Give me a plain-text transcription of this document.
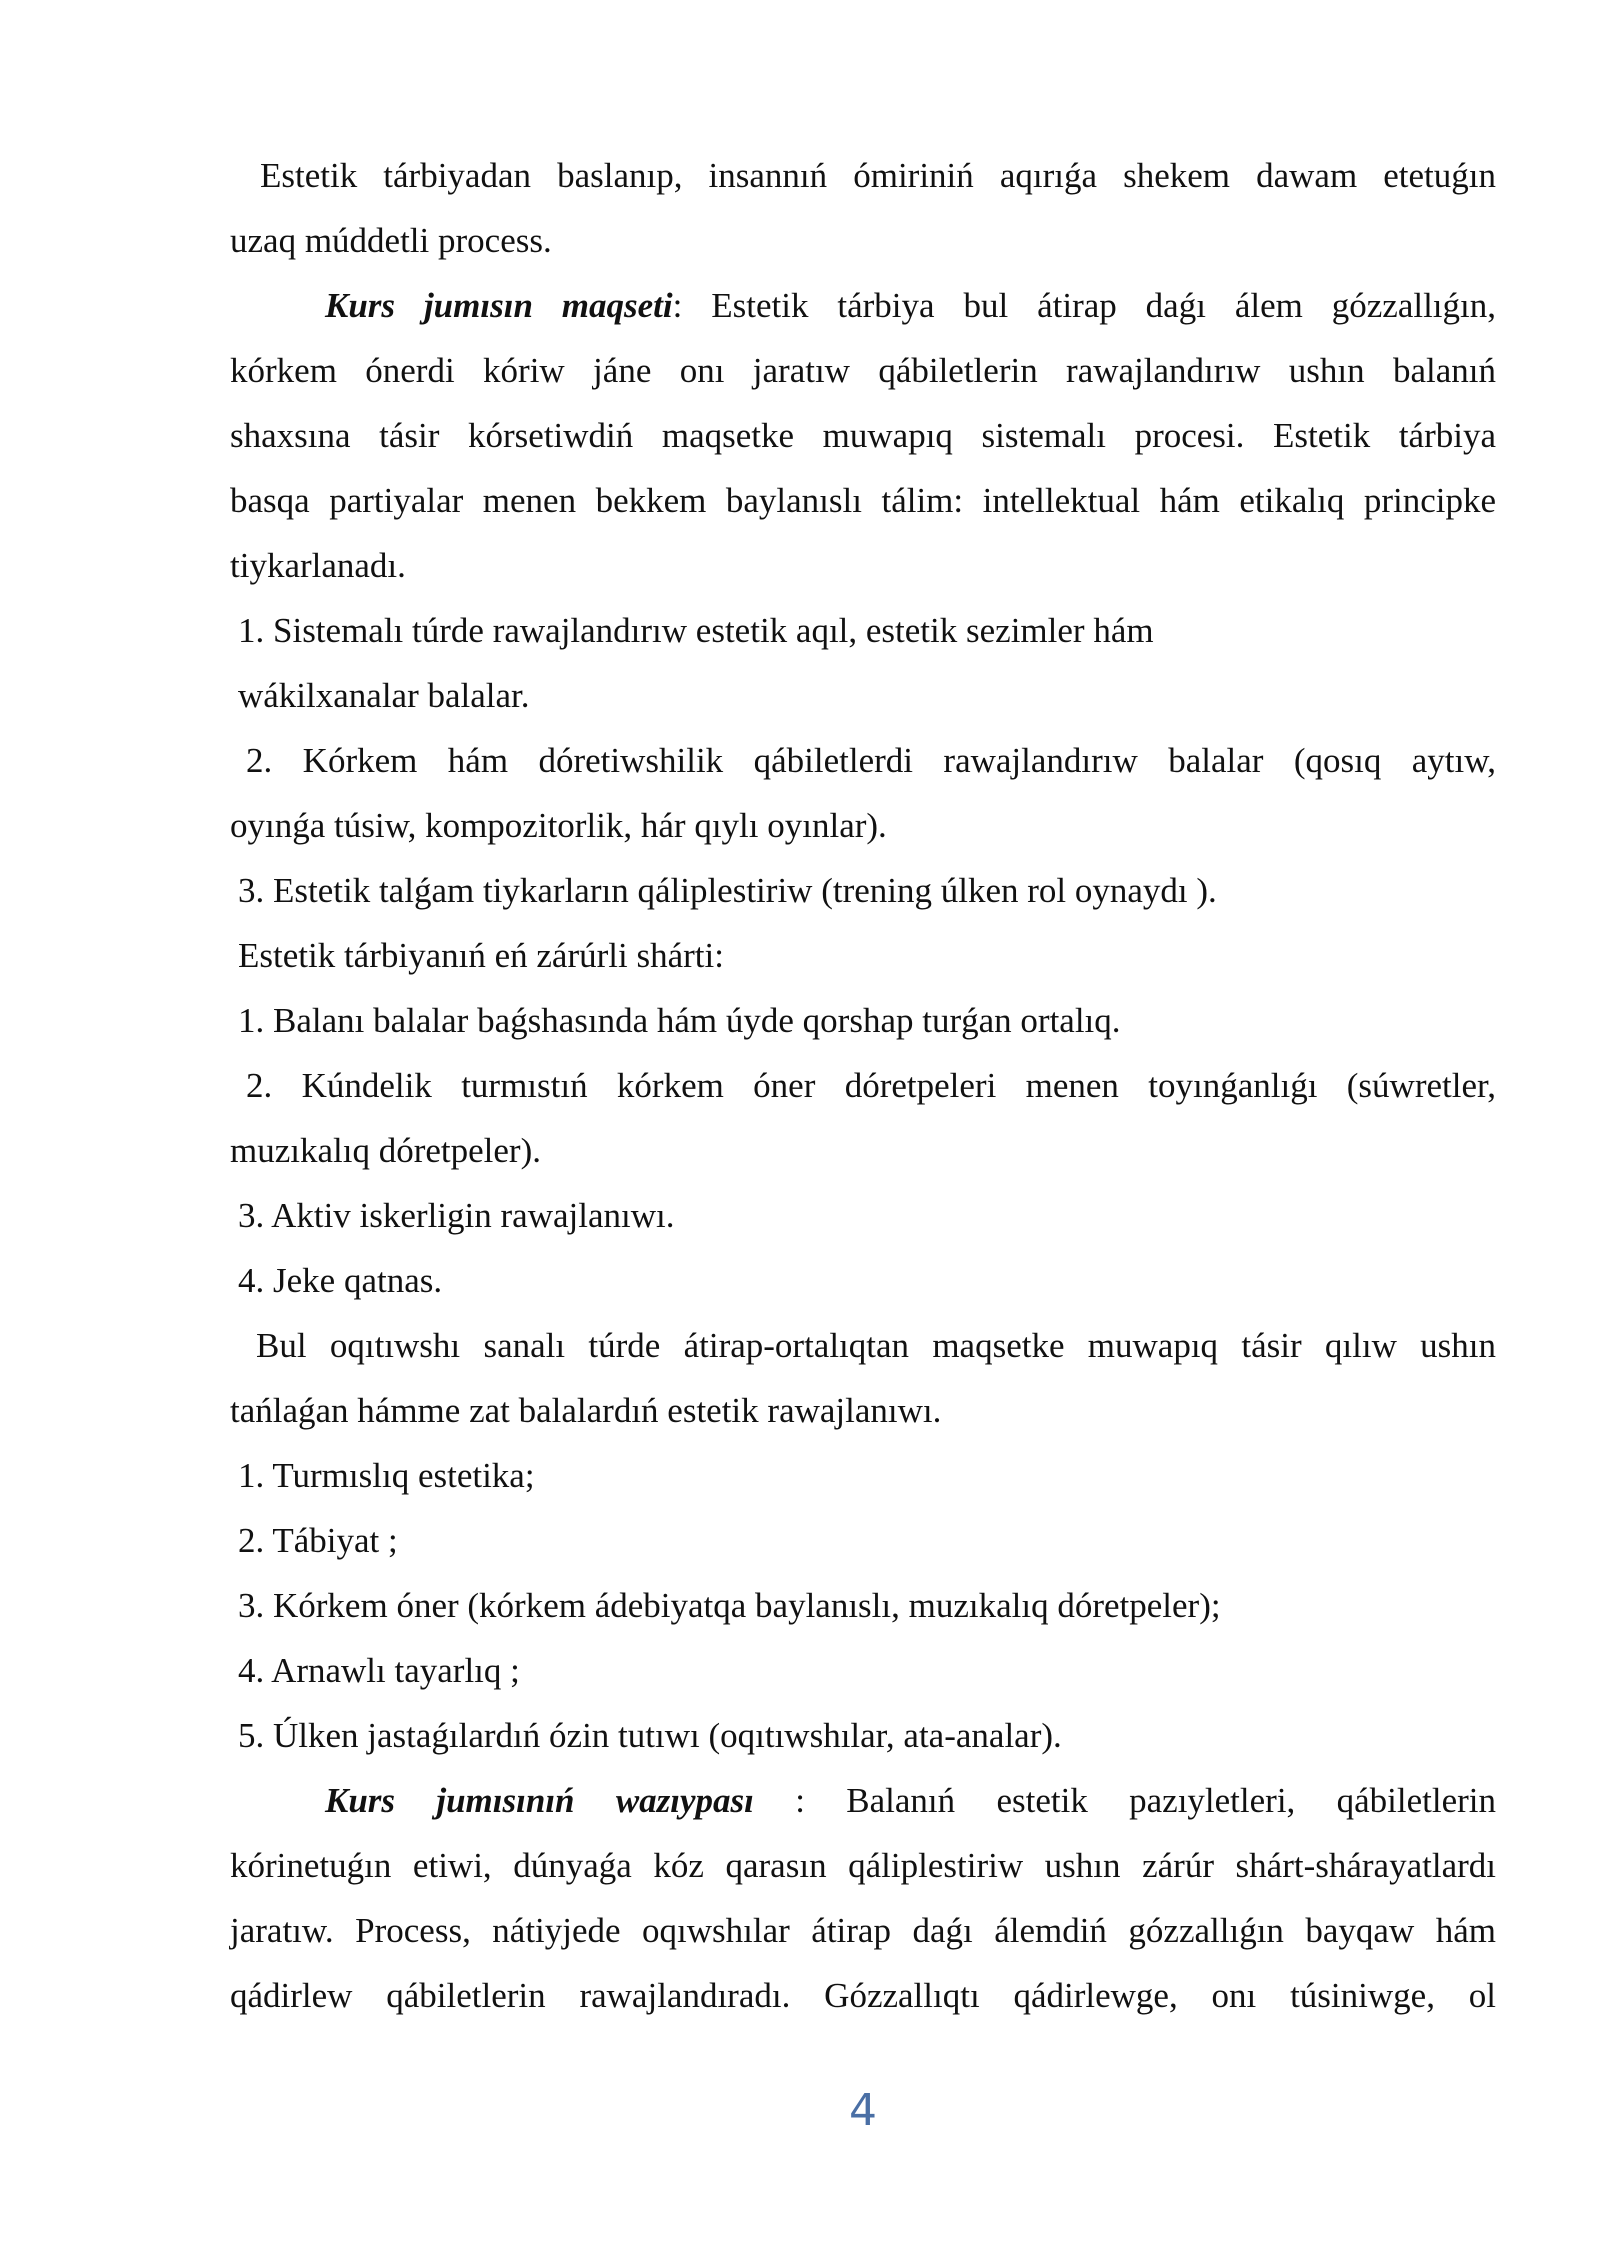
Estetik tárbiyadan baslanıp, insannıń ómiriniń aqırıǵa shekem dawam etetuǵın
uzaq múddetli process.
Kurs jumısın maqseti: Estetik tárbiya bul átirap daǵı álem gózzallıǵın,
kórkem ónerdi kóriw jáne onı jaratıw qábiletlerin rawajlandırıw ushın balanıń
shaxsına tásir kórsetiwdiń maqsetke muwapıq sistemalı procesi. Estetik tárbiya
basqa partiyalar menen bekkem baylanıslı tálim: intellektual hám etikalıq principke
tiykarlanadı.
1. Sistemalı túrde rawajlandırıw estetik aqıl, estetik sezimler hám
wákilxanalar balalar.
2. Kórkem hám dóretiwshilik qábiletlerdi rawajlandırıw balalar (qosıq aytıw,
oyınǵa túsiw, kompozitorlik, hár qıylı oyınlar).
3. Estetik talǵam tiykarların qáliplestiriw (trening úlken rol oynaydı ).
Estetik tárbiyanıń eń zárúrli shárti:
1. Balanı balalar baǵshasında hám úyde qorshap turǵan ortalıq.
2. Kúndelik turmıstıń kórkem óner dóretpeleri menen toyınǵanlıǵı (súwretler,
muzıkalıq dóretpeler).
3. Aktiv iskerligin rawajlanıwı.
4. Jeke qatnas.
Bul oqıtıwshı sanalı túrde átirap-ortalıqtan maqsetke muwapıq tásir qılıw ushın
tańlaǵan hámme zat balalardıń estetik rawajlanıwı.
1. Turmıslıq estetika;
2. Tábiyat ;
3. Kórkem óner (kórkem ádebiyatqa baylanıslı, muzıkalıq dóretpeler);
4. Arnawlı tayarlıq ;
5. Úlken jastaǵılardıń ózin tutıwı (oqıtıwshılar, ata-analar).
Kurs jumısınıń wazıypası : Balanıń estetik pazıyletleri, qábiletlerin
kórinetuǵın etiwi, dúnyaǵa kóz qarasın qáliplestiriw ushın zárúr shárt-shárayatlardı
jaratıw. Process, nátiyjede oqıwshılar átirap daǵı álemdiń gózzallıǵın bayqaw hám
qádirlew qábiletlerin rawajlandıradı. Gózzallıqtı qádirlewge, onı túsiniwge, ol
4
